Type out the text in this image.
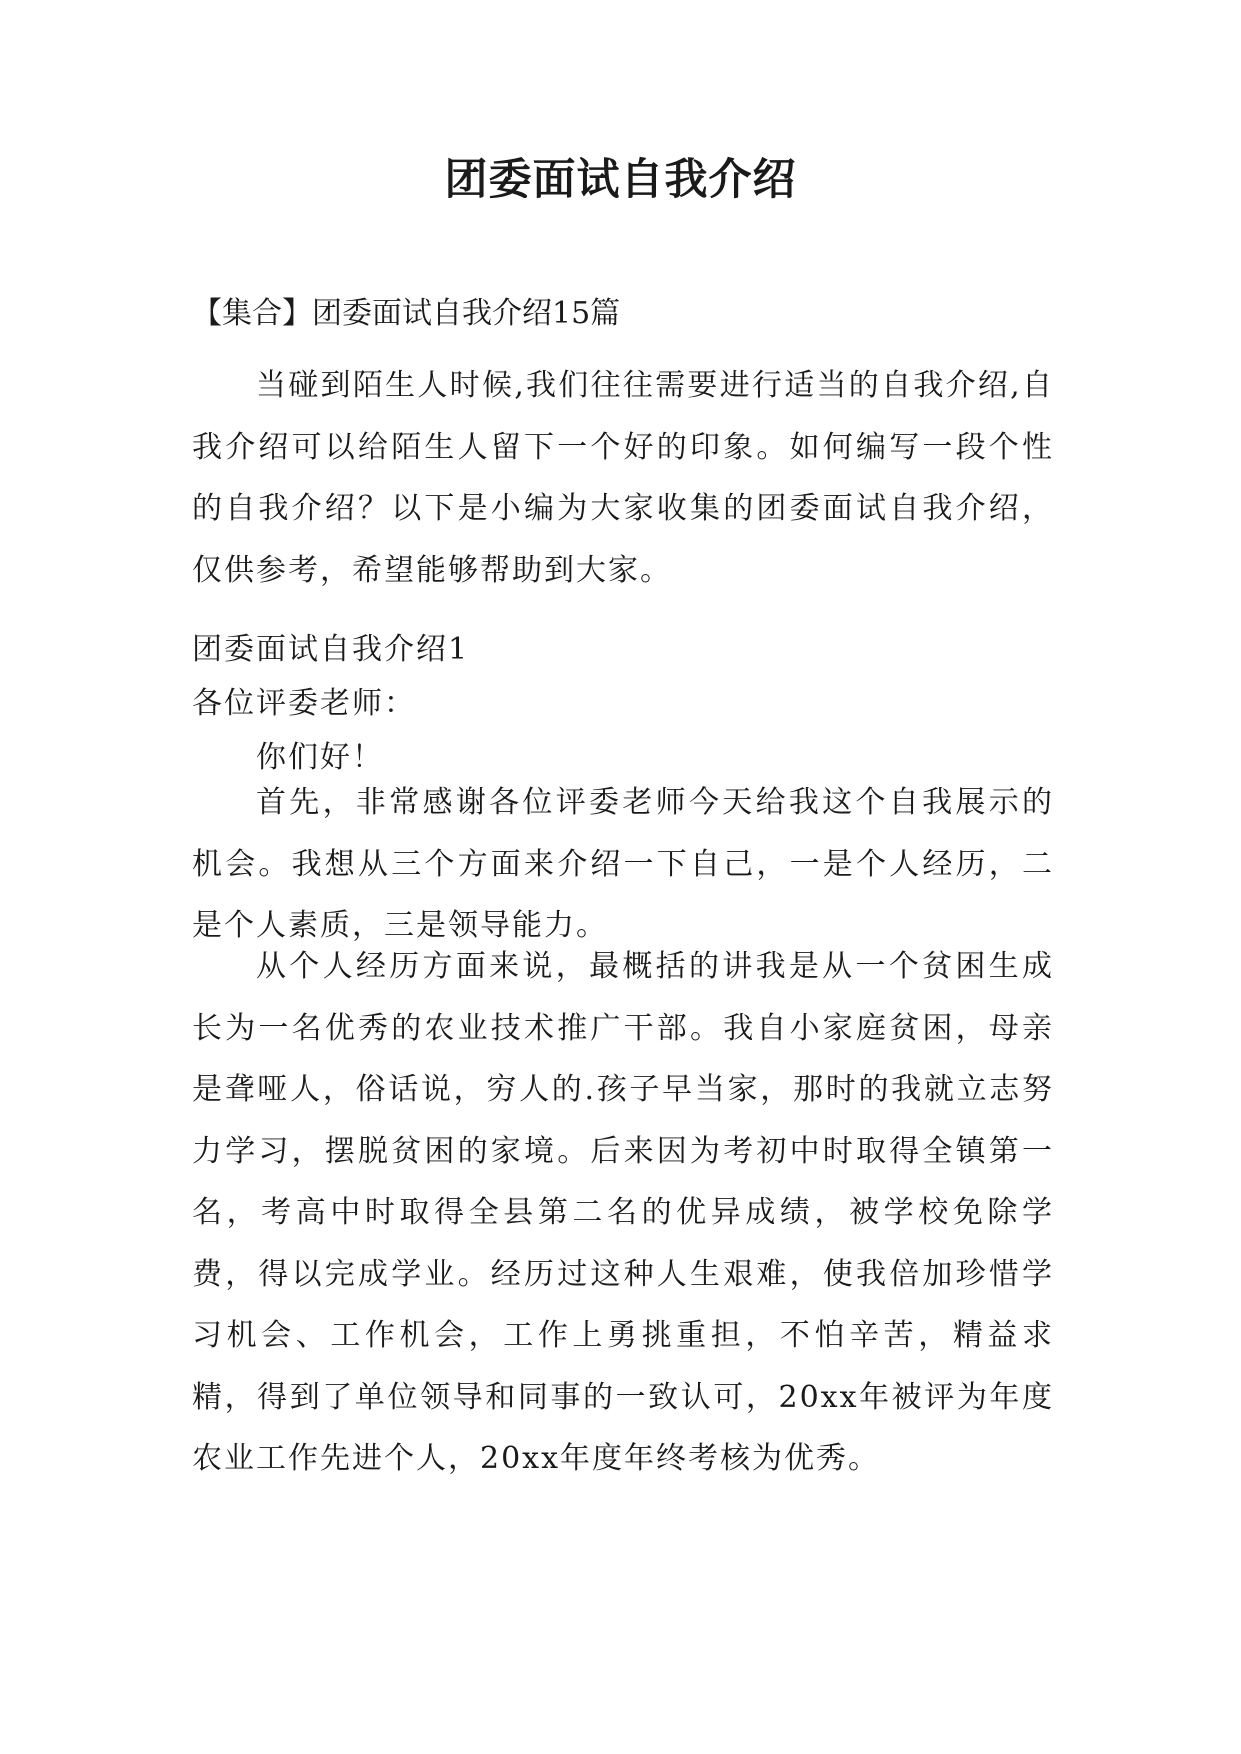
团委面试自我介绍
【集合】团委面试自我介绍15篇
当碰到陌生人时候,我们往往需要进行适当的自我介绍,自我介绍可以给陌生人留下一个好的印象。如何编写一段个性的自我介绍？以下是小编为大家收集的团委面试自我介绍，仅供参考，希望能够帮助到大家。
团委面试自我介绍1
各位评委老师：
你们好！
首先，非常感谢各位评委老师今天给我这个自我展示的机会。我想从三个方面来介绍一下自己，一是个人经历，二是个人素质，三是领导能力。
从个人经历方面来说，最概括的讲我是从一个贫困生成长为一名优秀的农业技术推广干部。我自小家庭贫困，母亲是聋哑人，俗话说，穷人的.孩子早当家，那时的我就立志努力学习，摆脱贫困的家境。后来因为考初中时取得全镇第一名，考高中时取得全县第二名的优异成绩，被学校免除学费，得以完成学业。经历过这种人生艰难，使我倍加珍惜学习机会、工作机会，工作上勇挑重担，不怕辛苦，精益求精，得到了单位领导和同事的一致认可，20xx年被评为年度农业工作先进个人，20xx年度年终考核为优秀。
